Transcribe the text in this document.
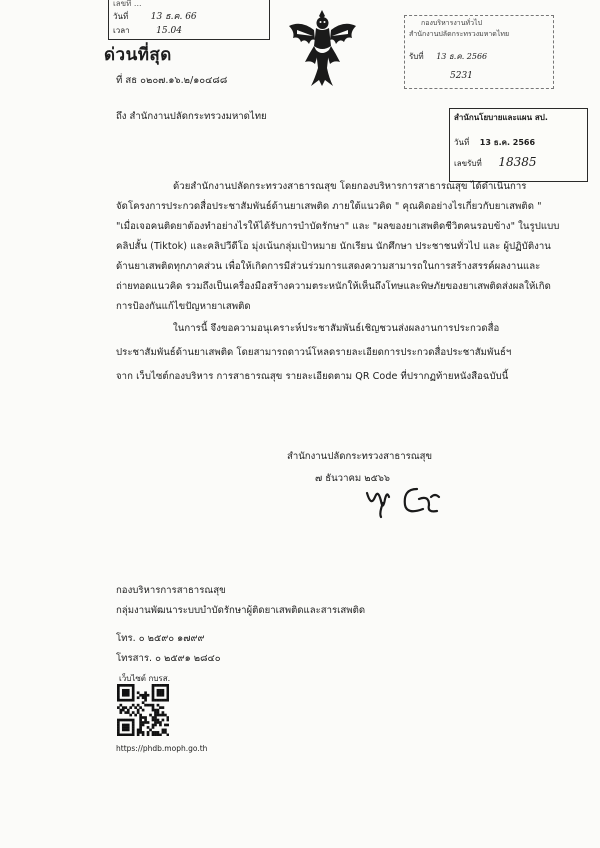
เลขที่ ...
วันที่	13 ธ.ค. 66
เวลา	15.04
กองบริหารงานทั่วไป
สำนักงานปลัดกระทรวงมหาดไทย
รับที่ 13 ธ.ค. 2566
5231
ด่วนที่สุด
ที่ สธ ๐๒๐๗.๑๖.๒/๑๐๔๘๘
ถึง สำนักงานปลัดกระทรวงมหาดไทย	สำนักนโยบายและแผน สป.
วันที่ 13 ธ.ค. 2566
เลขรับที่ 18385
ด้วยสำนักงานปลัดกระทรวงสาธารณสุข โดยกองบริหารการสาธารณสุข ได้ดำเนินการ
จัดโครงการประกวดสื่อประชาสัมพันธ์ด้านยาเสพติด ภายใต้แนวคิด " คุณคิดอย่างไรเกี่ยวกับยาเสพติด "
"เมื่อเจอคนติดยาต้องทำอย่างไรให้ได้รับการบำบัดรักษา" และ "ผลของยาเสพติดชีวิตคนรอบข้าง" ในรูปแบบ
คลิปสั้น (Tiktok) และคลิปวีดีโอ มุ่งเน้นกลุ่มเป้าหมาย นักเรียน นักศึกษา ประชาชนทั่วไป และ ผู้ปฏิบัติงาน
ด้านยาเสพติดทุกภาคส่วน เพื่อให้เกิดการมีส่วนร่วมการแสดงความสามารถในการสร้างสรรค์ผลงานและ
ถ่ายทอดแนวคิด รวมถึงเป็นเครื่องมือสร้างความตระหนักให้เห็นถึงโทษและพิษภัยของยาเสพติดส่งผลให้เกิด
การป้องกันแก้ไขปัญหายาเสพติด
ในการนี้ จึงขอความอนุเคราะห์ประชาสัมพันธ์เชิญชวนส่งผลงานการประกวดสื่อ
ประชาสัมพันธ์ด้านยาเสพติด โดยสามารถดาวน์โหลดรายละเอียดการประกวดสื่อประชาสัมพันธ์ฯ
จาก เว็บไซต์กองบริหาร การสาธารณสุข รายละเอียดตาม QR Code ที่ปรากฏท้ายหนังสือฉบับนี้
สำนักงานปลัดกระทรวงสาธารณสุข
๗ ธันวาคม ๒๕๖๖
กองบริหารการสาธารณสุข
กลุ่มงานพัฒนาระบบบำบัดรักษาผู้ติดยาเสพติดและสารเสพติด
โทร. ๐ ๒๕๙๐ ๑๗๙๙
โทรสาร. ๐ ๒๕๙๑ ๒๘๔๐
เว็บไซต์ กบรส.
https://phdb.moph.go.th
